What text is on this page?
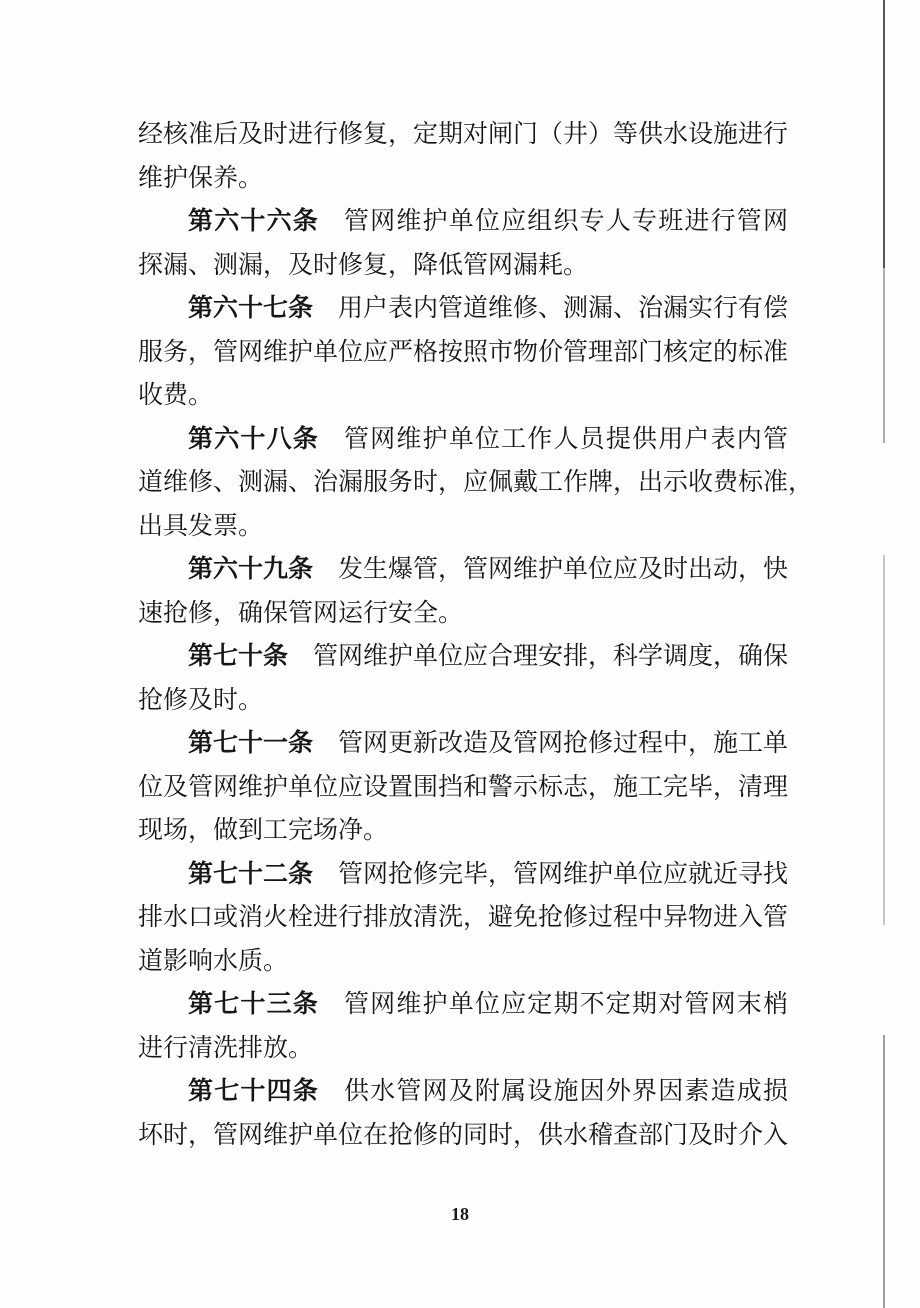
经核准后及时进行修复，定期对闸门（井）等供水设施进行
维护保养。
第六十六条 管网维护单位应组织专人专班进行管网
探漏、测漏，及时修复，降低管网漏耗。
第六十七条 用户表内管道维修、测漏、治漏实行有偿
服务，管网维护单位应严格按照市物价管理部门核定的标准
收费。
第六十八条 管网维护单位工作人员提供用户表内管
道维修、测漏、治漏服务时，应佩戴工作牌，出示收费标准，
出具发票。
第六十九条 发生爆管，管网维护单位应及时出动，快
速抢修，确保管网运行安全。
第七十条 管网维护单位应合理安排，科学调度，确保
抢修及时。
第七十一条 管网更新改造及管网抢修过程中，施工单
位及管网维护单位应设置围挡和警示标志，施工完毕，清理
现场，做到工完场净。
第七十二条 管网抢修完毕，管网维护单位应就近寻找
排水口或消火栓进行排放清洗，避免抢修过程中异物进入管
道影响水质。
第七十三条 管网维护单位应定期不定期对管网末梢
进行清洗排放。
第七十四条 供水管网及附属设施因外界因素造成损
坏时，管网维护单位在抢修的同时，供水稽查部门及时介入
18
